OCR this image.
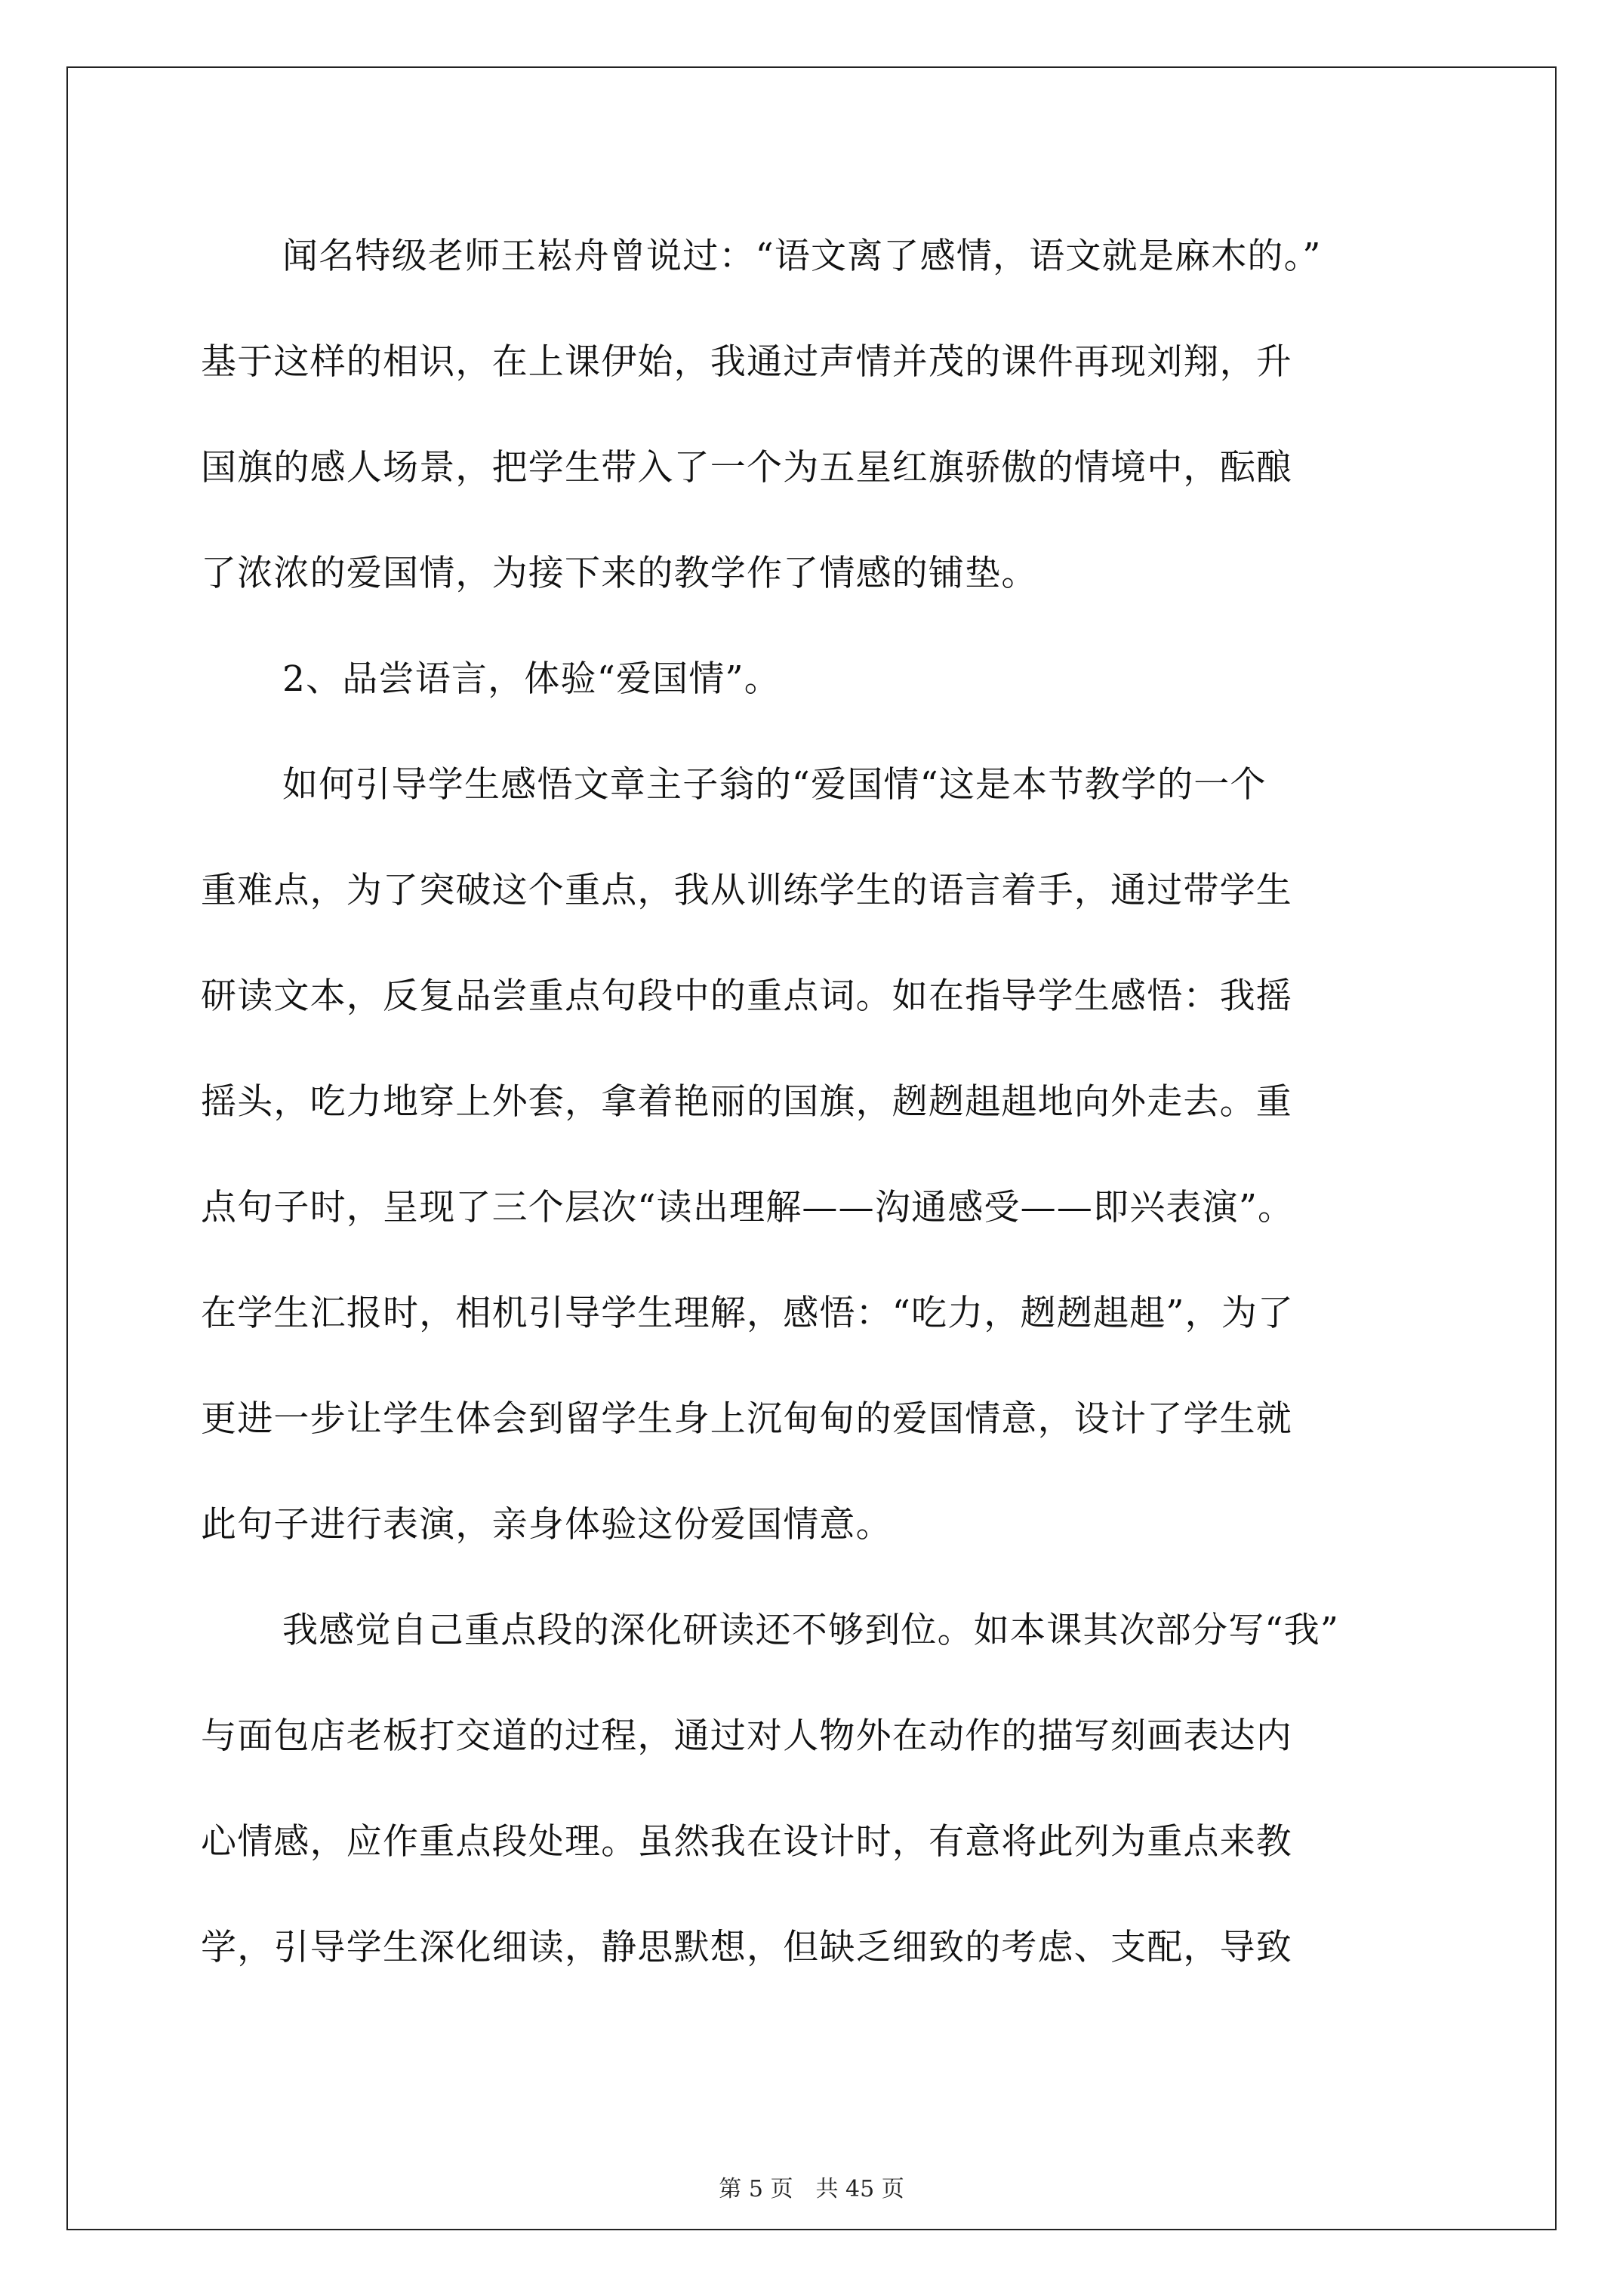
闻名特级老师王崧舟曾说过：“语文离了感情，语文就是麻木的。”
基于这样的相识，在上课伊始，我通过声情并茂的课件再现刘翔，升
国旗的感人场景，把学生带入了一个为五星红旗骄傲的情境中，酝酿
了浓浓的爱国情，为接下来的教学作了情感的铺垫。
2、品尝语言，体验“爱国情”。
如何引导学生感悟文章主子翁的“爱国情“这是本节教学的一个
重难点，为了突破这个重点，我从训练学生的语言着手，通过带学生
研读文本，反复品尝重点句段中的重点词。如在指导学生感悟：我摇
摇头，吃力地穿上外套，拿着艳丽的国旗，趔趔趄趄地向外走去。重
点句子时，呈现了三个层次“读出理解——沟通感受——即兴表演”。
在学生汇报时，相机引导学生理解，感悟：“吃力，趔趔趄趄”，为了
更进一步让学生体会到留学生身上沉甸甸的爱国情意，设计了学生就
此句子进行表演，亲身体验这份爱国情意。
我感觉自己重点段的深化研读还不够到位。如本课其次部分写“我”
与面包店老板打交道的过程，通过对人物外在动作的描写刻画表达内
心情感，应作重点段处理。虽然我在设计时，有意将此列为重点来教
学，引导学生深化细读，静思默想，但缺乏细致的考虑、支配，导致
第 5 页 共 45 页
